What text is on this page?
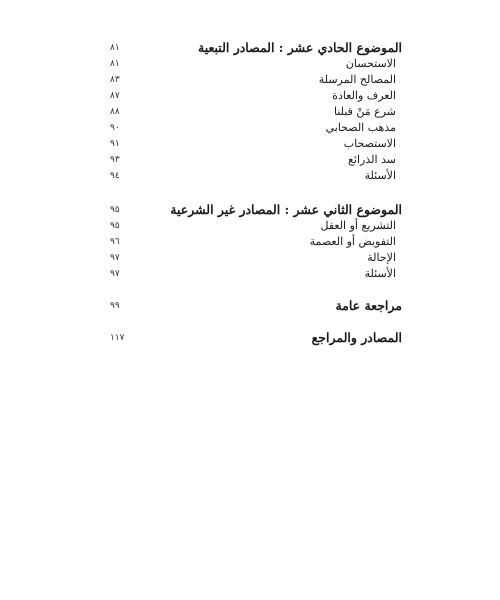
الموضوع الحادي عشر : المصادر التبعية
٨١
الاستحسان
٨١
المصالح المرسلة
٨٣
العرف والعادة
٨٧
شرع مَنْ قبلنا
٨٨
مذهب الصحابي
٩٠
الاستصحاب
٩١
سد الذرائع
٩٣
الأسئلة
٩٤
الموضوع الثاني عشر : المصادر غير الشرعية
٩٥
التشريع أو العقل
٩٥
التفويض أو العصمة
٩٦
الإحالة
٩٧
الأسئلة
٩٧
مراجعة عامة
٩٩
المصادر والمراجع
١١٧
